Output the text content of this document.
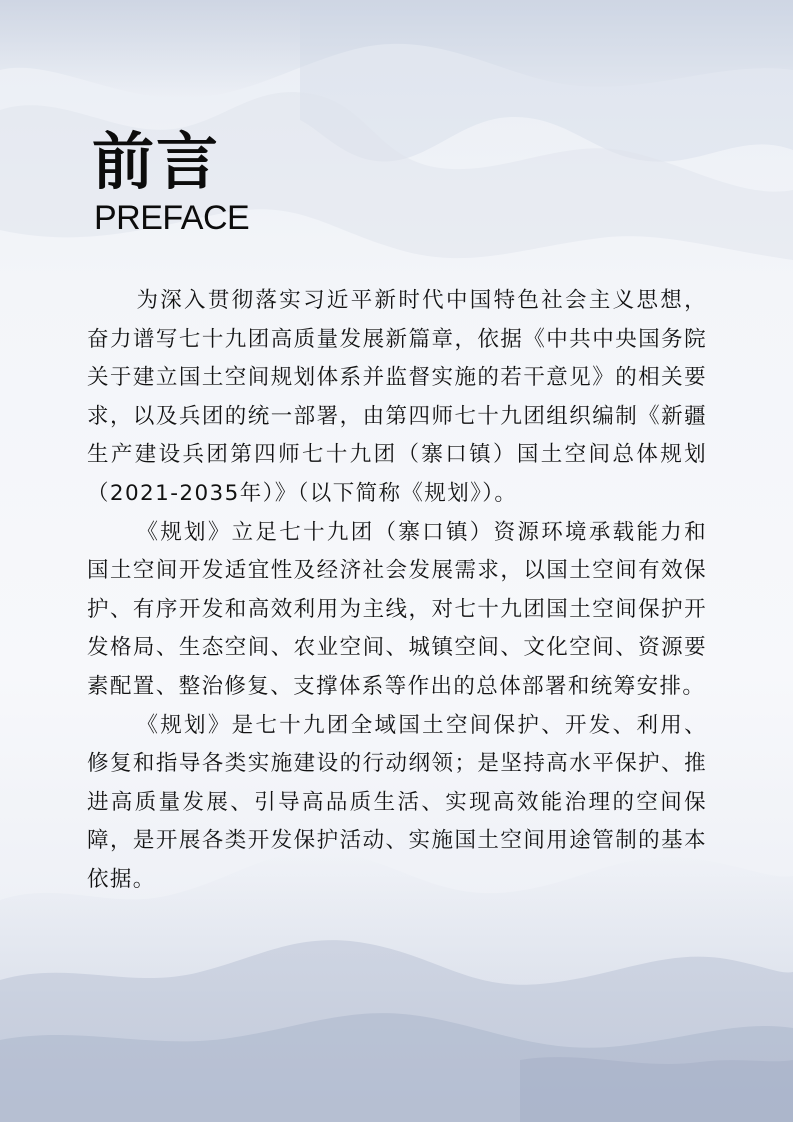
前言
PREFACE

为深入贯彻落实习近平新时代中国特色社会主义思想，奋力谱写七十九团高质量发展新篇章，依据《中共中央国务院关于建立国土空间规划体系并监督实施的若干意见》的相关要求，以及兵团的统一部署，由第四师七十九团组织编制《新疆生产建设兵团第四师七十九团（寨口镇）国土空间总体规划 （2021-2035年）》（以下简称《规划》）。

《规划》立足七十九团（寨口镇）资源环境承载能力和国土空间开发适宜性及经济社会发展需求，以国土空间有效保护、有序开发和高效利用为主线，对七十九团国土空间保护开发格局、生态空间、农业空间、城镇空间、文化空间、资源要素配置、整治修复、支撑体系等作出的总体部署和统筹安排。

《规划》是七十九团全域国土空间保护、开发、利用、修复和指导各类实施建设的行动纲领；是坚持高水平保护、推进高质量发展、引导高品质生活、实现高效能治理的空间保障，是开展各类开发保护活动、实施国土空间用途管制的基本依据。
